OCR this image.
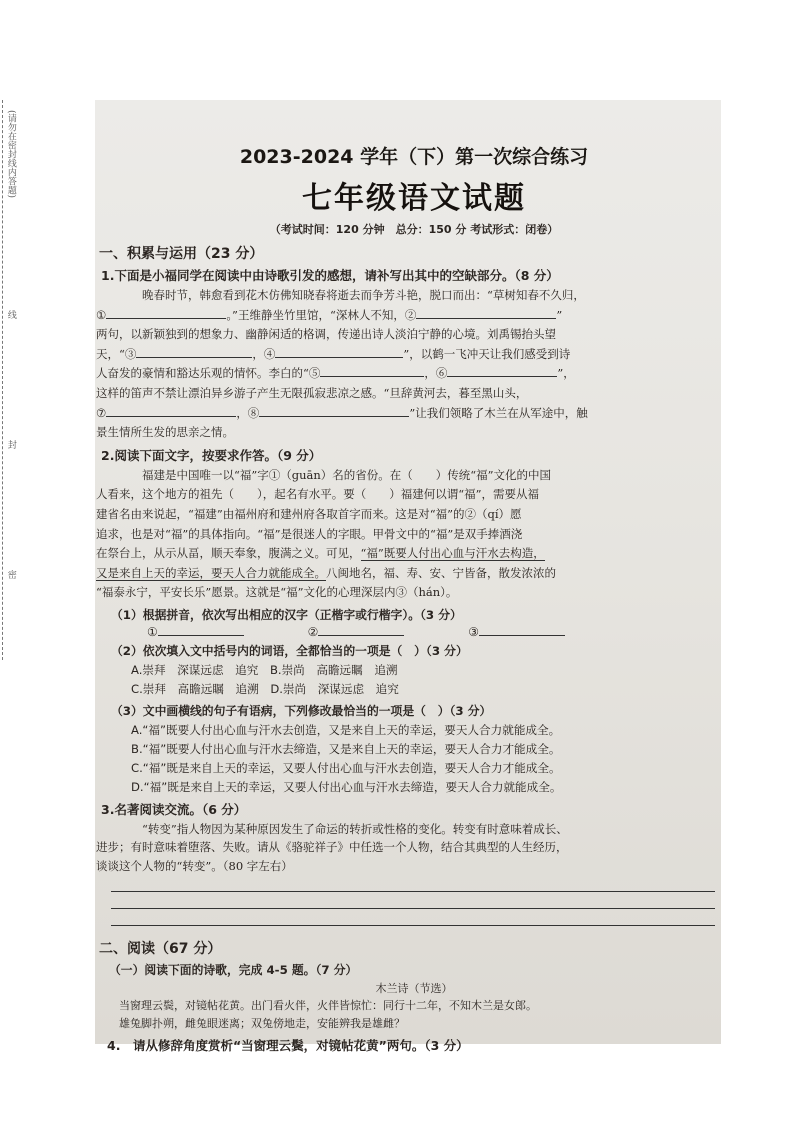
(请勿在密封线内答题)
线
封
密
2023-2024 学年（下）第一次综合练习
七年级语文试题
（考试时间：120 分钟　总分：150 分 考试形式：闭卷）
一、积累与运用（23 分）
1.下面是小福同学在阅读中由诗歌引发的感想，请补写出其中的空缺部分。（8 分）

晚春时节，韩愈看到花木仿佛知晓春将逝去而争芳斗艳，脱口而出：“草树知春不久归，
①	。”王维静坐竹里馆，“深林人不知，②	”
两句，以新颖独到的想象力、幽静闲适的格调，传递出诗人淡泊宁静的心境。刘禹锡抬头望
天，“③	，④	”，以鹤一飞冲天让我们感受到诗
人奋发的豪情和豁达乐观的情怀。李白的“⑤	，⑥	”，
这样的笛声不禁让漂泊异乡游子产生无限孤寂悲凉之感。“旦辞黄河去，暮至黑山头，
⑦	，⑧	”让我们领略了木兰在从军途中，触
景生情所生发的思亲之情。

2.阅读下面文字，按要求作答。（9 分）

福建是中国唯一以“福”字①（guān）名的省份。在（　　）传统“福”文化的中国
人看来，这个地方的祖先（　　），起名有水平。要（　　）福建何以谓“福”，需要从福
建省名由来说起，“福建”由福州府和建州府各取首字而来。这是对“福”的②（qí）愿
追求，也是对“福”的具体指向。“福”是很迷人的字眼。甲骨文中的“福”是双手捧酒浇
在祭台上，从示从畐，顺天奉象，腹满之义。可见，“福”既要人付出心血与汗水去构造，
又是来自上天的幸运，要天人合力就能成全。八闽地名，福、寿、安、宁皆备，散发浓浓的
“福泰永宁，平安长乐”愿景。这就是“福”文化的心理深层内③（hán）。

（1）根据拼音，依次写出相应的汉字（正楷字或行楷字）。（3 分）
①	②	③
（2）依次填入文中括号内的词语，全都恰当的一项是（　）（3 分）
A.崇拜　深谋远虑　追究　B.崇尚　高瞻远瞩　追溯
C.崇拜　高瞻远瞩　追溯　D.崇尚　深谋远虑　追究
（3）文中画横线的句子有语病，下列修改最恰当的一项是（　）（3 分）
A.“福”既要人付出心血与汗水去创造，又是来自上天的幸运，要天人合力就能成全。
B.“福”既要人付出心血与汗水去缔造，又是来自上天的幸运，要天人合力才能成全。
C.“福”既是来自上天的幸运，又要人付出心血与汗水去创造，要天人合力才能成全。
D.“福”既是来自上天的幸运，又要人付出心血与汗水去缔造，要天人合力就能成全。
3.名著阅读交流。（6 分）

“转变”指人物因为某种原因发生了命运的转折或性格的变化。转变有时意味着成长、
进步；有时意味着堕落、失败。请从《骆驼祥子》中任选一个人物，结合其典型的人生经历，
谈谈这个人物的“转变”。（80 字左右）

二、阅读（67 分）
（一）阅读下面的诗歌，完成 4-5 题。（7 分）
木兰诗（节选）

当窗理云鬓，对镜帖花黄。出门看火伴，火伴皆惊忙：同行十二年，不知木兰是女郎。
雄兔脚扑朔，雌兔眼迷离；双兔傍地走，安能辨我是雄雌？

4.　请从修辞角度赏析“当窗理云鬓，对镜帖花黄”两句。（3 分）
